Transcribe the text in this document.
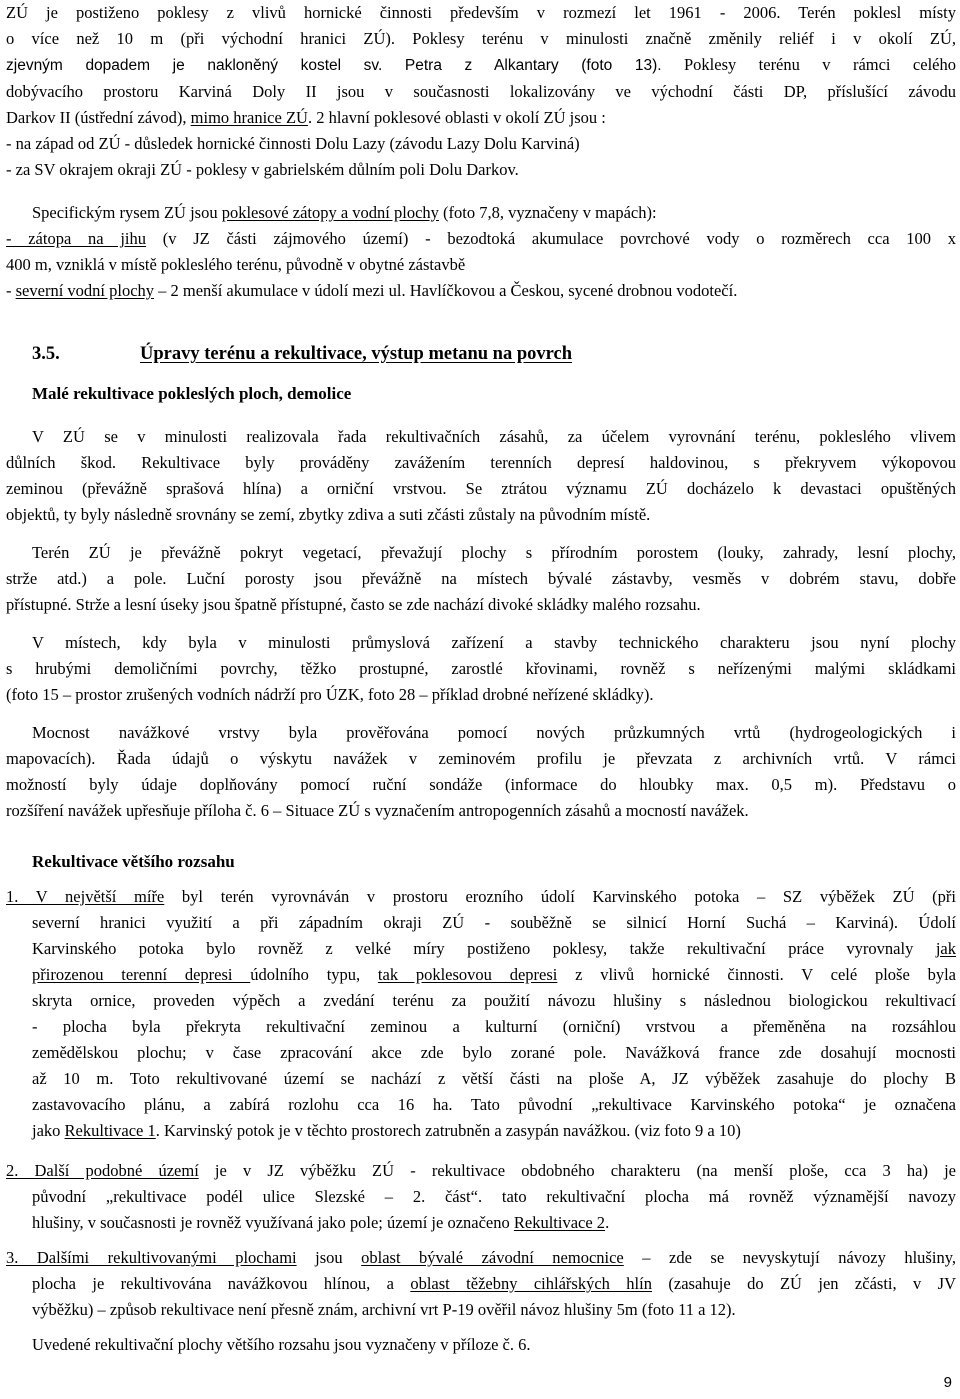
ZÚ je postiženo poklesy z vlivů hornické činnosti především v rozmezí let 1961 - 2006. Terén poklesl místy
o více než 10 m (při východní hranici ZÚ). Poklesy terénu v minulosti značně změnily reliéf i v okolí ZÚ,
zjevným dopadem je nakloněný kostel sv. Petra z Alkantary (foto 13). Poklesy terénu v rámci celého
dobývacího prostoru Karviná Doly II jsou v současnosti lokalizovány ve východní části DP, příslušící závodu
Darkov II (ústřední závod), mimo hranice ZÚ. 2 hlavní poklesové oblasti v okolí ZÚ jsou :
- na západ od ZÚ - důsledek hornické činnosti Dolu Lazy (závodu Lazy Dolu Karviná)
- za SV okrajem okraji ZÚ - poklesy v gabrielském důlním poli Dolu Darkov.
Specifickým rysem ZÚ jsou poklesové zátopy a vodní plochy (foto 7,8, vyznačeny v mapách):
- zátopa na jihu (v JZ části zájmového území) - bezodtoká akumulace povrchové vody o rozměrech cca 100 x
400 m, vzniklá v místě pokleslého terénu, původně v obytné zástavbě
- severní vodní plochy – 2 menší akumulace v údolí mezi ul. Havlíčkovou a Českou, sycené drobnou vodotečí.
3.5.	Úpravy terénu a rekultivace, výstup metanu na povrch
Malé rekultivace pokleslých ploch, demolice
V ZÚ se v minulosti realizovala řada rekultivačních zásahů, za účelem vyrovnání terénu, pokleslého vlivem
důlních škod. Rekultivace byly prováděny zavážením terenních depresí haldovinou, s překryvem výkopovou
zeminou (převážně sprašová hlína) a orniční vrstvou. Se ztrátou významu ZÚ docházelo k devastaci opuštěných
objektů, ty byly následně srovnány se zemí, zbytky zdiva a suti zčásti zůstaly na původním místě.
Terén ZÚ je převážně pokryt vegetací, převažují plochy s přírodním porostem (louky, zahrady, lesní plochy,
strže atd.) a pole. Luční porosty jsou převážně na místech bývalé zástavby, vesměs v dobrém stavu, dobře
přístupné. Strže a lesní úseky jsou špatně přístupné, často se zde nachází divoké skládky malého rozsahu.
V místech, kdy byla v minulosti průmyslová zařízení a stavby technického charakteru jsou nyní plochy
s hrubými demoličními povrchy, těžko prostupné, zarostlé křovinami, rovněž s neřízenými malými skládkami
(foto 15 – prostor zrušených vodních nádrží pro ÚZK, foto 28 – příklad drobné neřízené skládky).
Mocnost navážkové vrstvy byla prověřována pomocí nových průzkumných vrtů (hydrogeologických i
mapovacích). Řada údajů o výskytu navážek v zeminovém profilu je převzata z archivních vrtů. V rámci
možností byly údaje doplňovány pomocí ruční sondáže (informace do hloubky max. 0,5 m). Představu o
rozšíření navážek upřesňuje příloha č. 6 – Situace ZÚ s vyznačením antropogenních zásahů a mocností navážek.
Rekultivace většího rozsahu
1. V největší míře byl terén vyrovnáván v prostoru erozního údolí Karvinského potoka – SZ výběžek ZÚ (při
severní hranici využití a při západním okraji ZÚ - souběžně se silnicí Horní Suchá – Karviná). Údolí
Karvinského potoka bylo rovněž z velké míry postiženo poklesy, takže rekultivační práce vyrovnaly jak
přirozenou terenní depresi údolního typu, tak poklesovou depresi z vlivů hornické činnosti. V celé ploše byla
skryta ornice, proveden výpěch a zvedání terénu za použití návozu hlušiny s následnou biologickou rekultivací
- plocha byla překryta rekultivační zeminou a kulturní (orniční) vrstvou a přeměněna na rozsáhlou
zemědělskou plochu; v čase zpracování akce zde bylo zorané pole. Navážková france zde dosahují mocnosti
až 10 m. Toto rekultivované území se nachází z větší části na ploše A, JZ výběžek zasahuje do plochy B
zastavovacího plánu, a zabírá rozlohu cca 16 ha. Tato původní „rekultivace Karvinského potoka“ je označena
jako Rekultivace 1. Karvinský potok je v těchto prostorech zatrubněn a zasypán navážkou. (viz foto 9 a 10)
2. Další podobné území je v JZ výběžku ZÚ - rekultivace obdobného charakteru (na menší ploše, cca 3 ha) je
původní „rekultivace podél ulice Slezské – 2. část“. tato rekultivační plocha má rovněž významější navozy
hlušiny, v současnosti je rovněž využívaná jako pole; území je označeno Rekultivace 2.
3. Dalšími rekultivovanými plochami jsou oblast bývalé závodní nemocnice – zde se nevyskytují návozy hlušiny,
plocha je rekultivována navážkovou hlínou, a oblast těžebny cihlářských hlín (zasahuje do ZÚ jen zčásti, v JV
výběžku) – způsob rekultivace není přesně znám, archivní vrt P-19 ověřil návoz hlušiny 5m (foto 11 a 12).
Uvedené rekultivační plochy většího rozsahu jsou vyznačeny v příloze č. 6.
9
